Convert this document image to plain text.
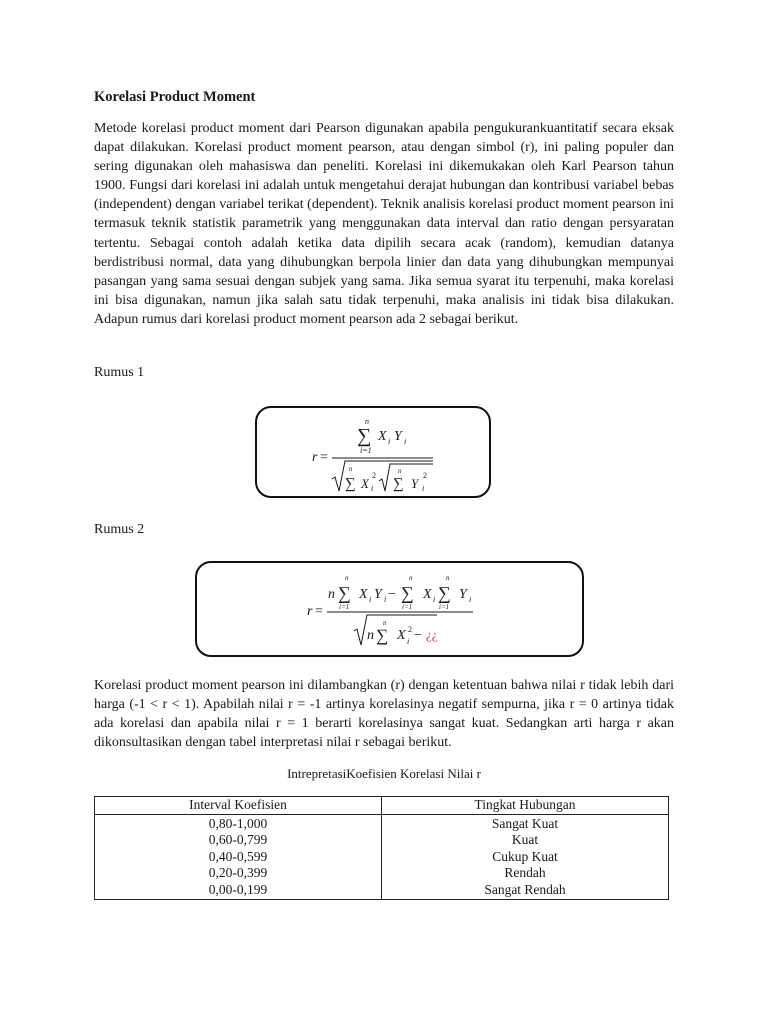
Korelasi Product Moment

Metode korelasi product moment dari Pearson digunakan apabila pengukurankuantitatif secara eksak dapat dilakukan. Korelasi product moment pearson, atau dengan simbol (r), ini paling populer dan sering digunakan oleh mahasiswa dan peneliti. Korelasi ini dikemukakan oleh Karl Pearson tahun 1900. Fungsi dari korelasi ini adalah untuk mengetahui derajat hubungan dan kontribusi variabel bebas (independent) dengan variabel terikat (dependent). Teknik analisis korelasi product moment pearson ini termasuk teknik statistik parametrik yang menggunakan data interval dan ratio dengan persyaratan tertentu. Sebagai contoh adalah ketika data dipilih secara acak (random), kemudian datanya berdistribusi normal, data yang dihubungkan berpola linier dan data yang dihubungkan mempunyai pasangan yang sama sesuai dengan subjek yang sama. Jika semua syarat itu terpenuhi, maka korelasi ini bisa digunakan, namun jika salah satu tidak terpenuhi, maka analisis ini tidak bisa dilakukan. Adapun rumus dari korelasi product moment pearson ada 2 sebagai berikut.

Rumus 1
n
∑
i=1
X i Y i
r =
n
∑ X
2
i
n
∑ Y
2
i
Rumus 2
n
n
∑
i=1
X i Y i −
n
∑
i=1
X i
n
∑
i=1
Y i
r =
n
n
∑ X 2
i − ¿¿

Korelasi product moment pearson ini dilambangkan (r) dengan ketentuan bahwa nilai r tidak lebih dari harga (-1 < r < 1). Apabilah nilai r = -1 artinya korelasinya negatif sempurna, jika r = 0 artinya tidak ada korelasi dan apabila nilai r = 1 berarti korelasinya sangat kuat. Sedangkan arti harga r akan dikonsultasikan dengan tabel interpretasi nilai r sebagai berikut.

IntrepretasiKoefisien Korelasi Nilai r
Interval Koefisien	Tingkat Hubungan
0,80-1,000	Sangat Kuat
0,60-0,799	Kuat
0,40-0,599	Cukup Kuat
0,20-0,399	Rendah
0,00-0,199	Sangat Rendah
